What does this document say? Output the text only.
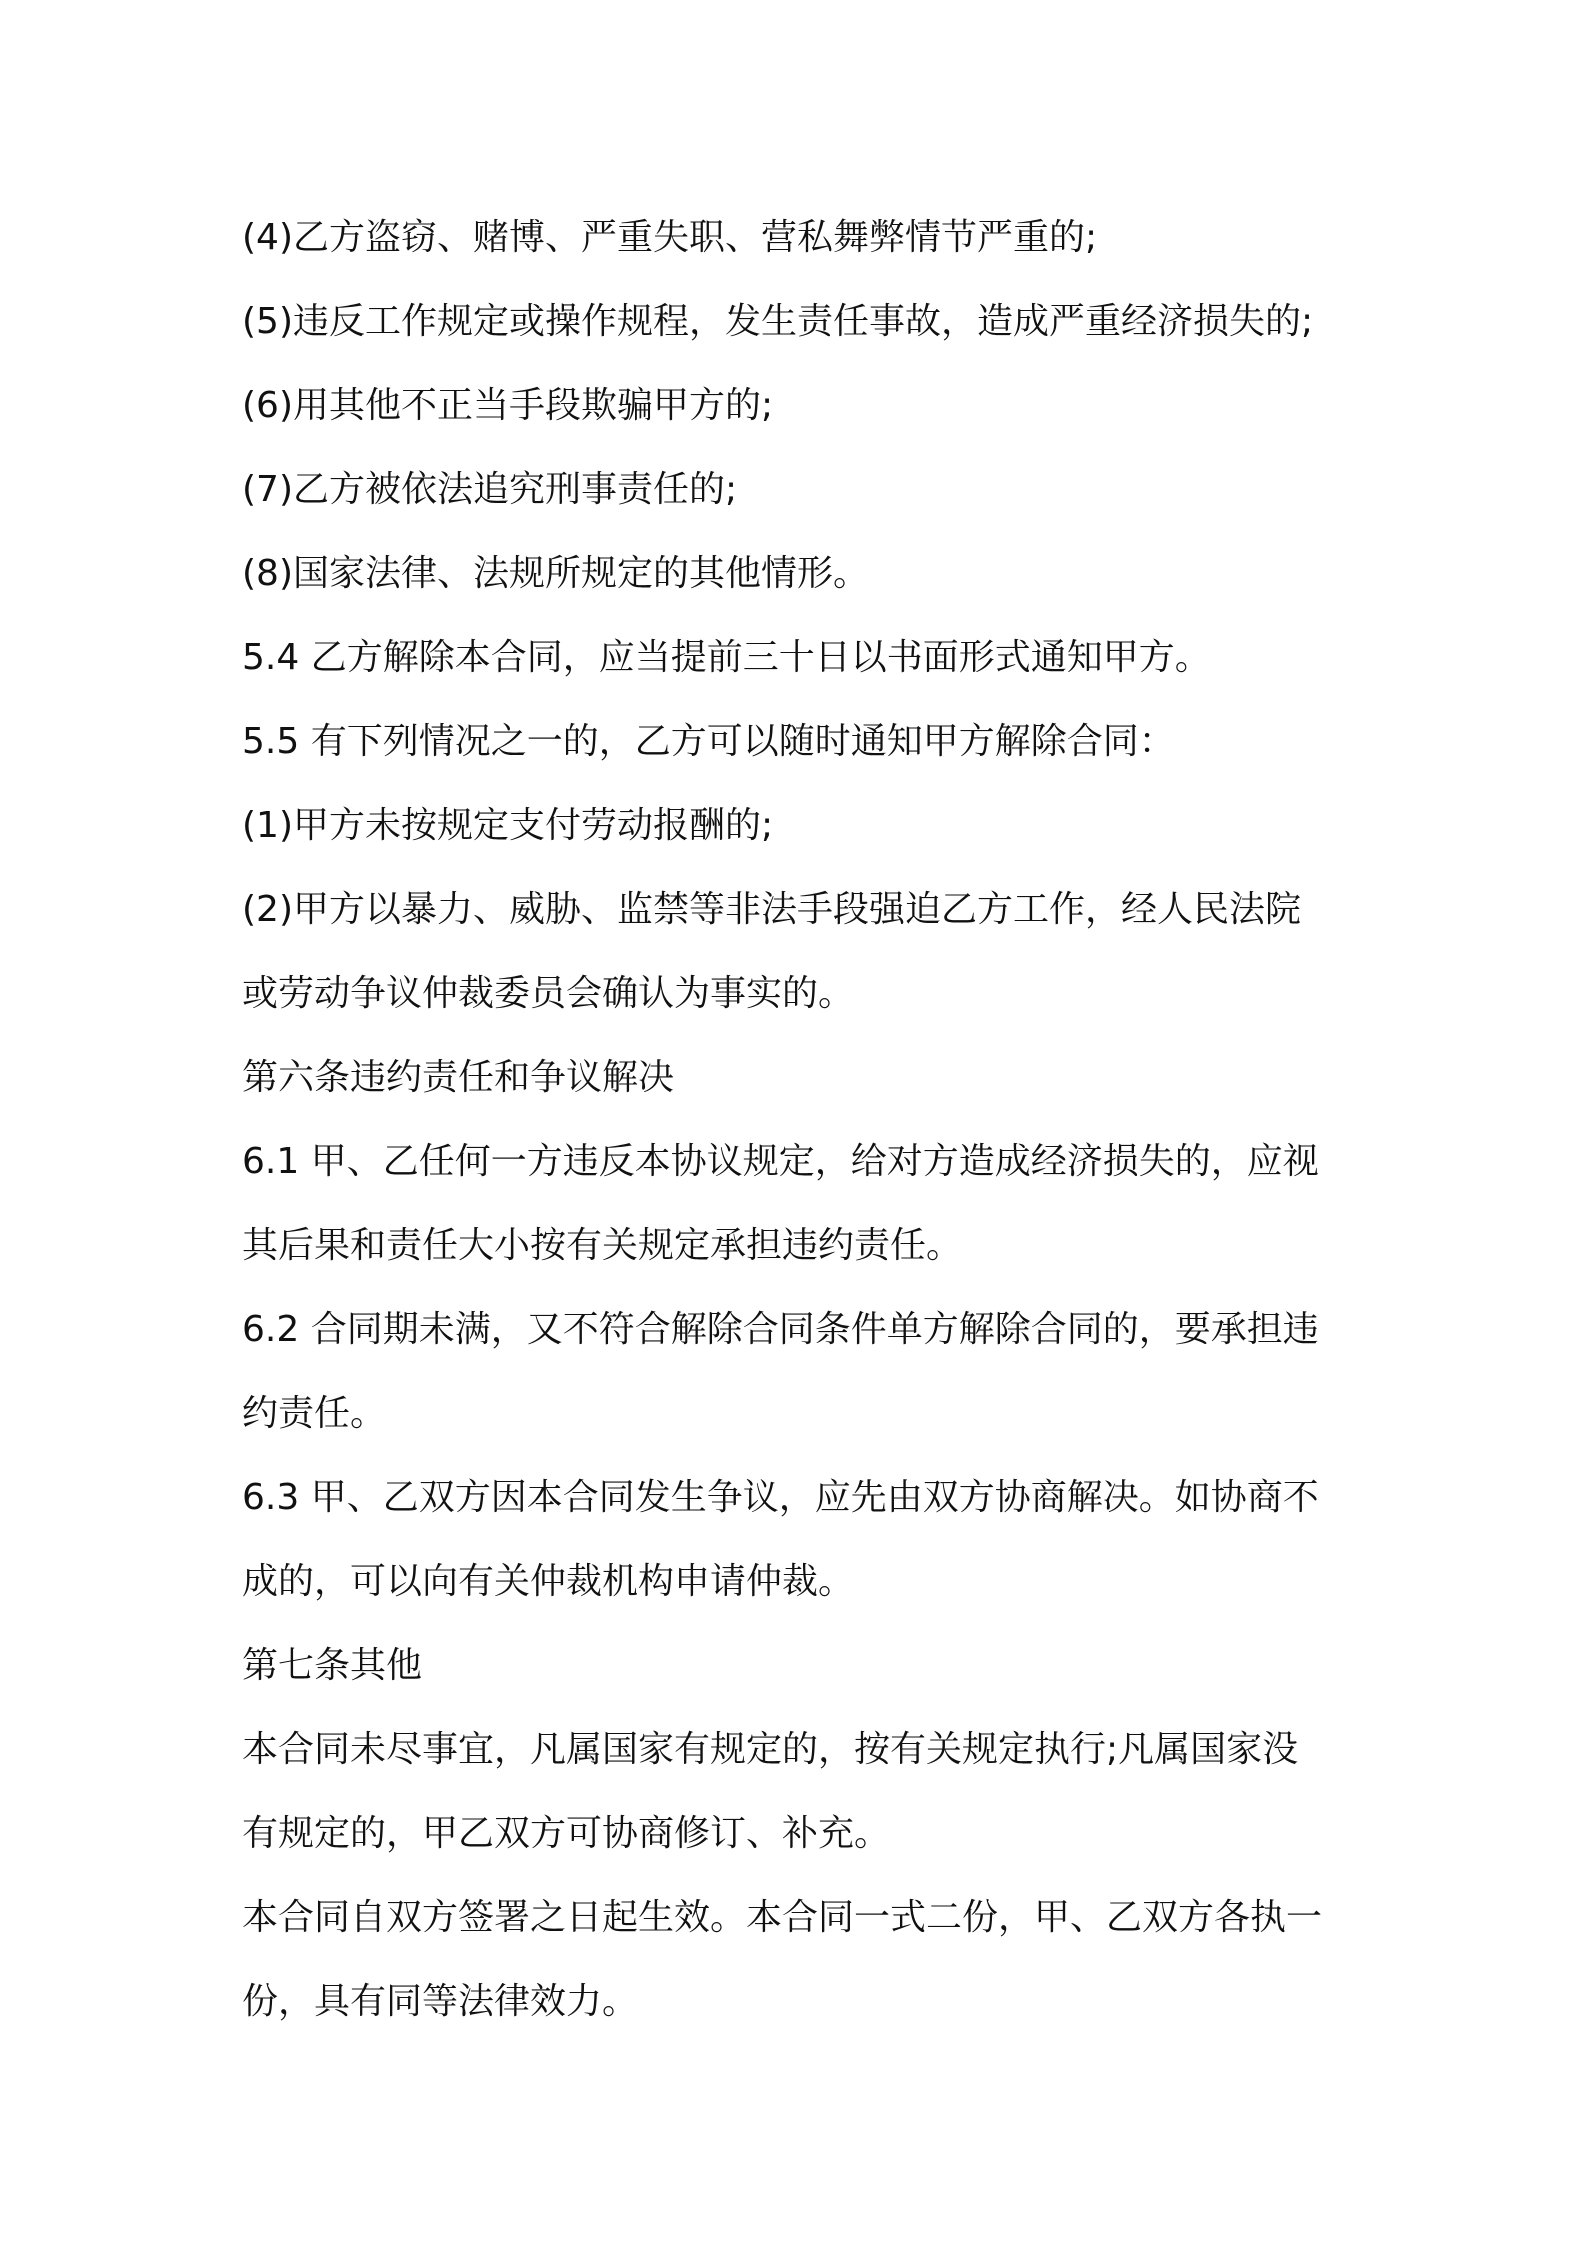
(4)乙方盗窃、赌博、严重失职、营私舞弊情节严重的;
(5)违反工作规定或操作规程，发生责任事故，造成严重经济损失的;
(6)用其他不正当手段欺骗甲方的;
(7)乙方被依法追究刑事责任的;
(8)国家法律、法规所规定的其他情形。
5.4 乙方解除本合同，应当提前三十日以书面形式通知甲方。
5.5 有下列情况之一的，乙方可以随时通知甲方解除合同：
(1)甲方未按规定支付劳动报酬的;
(2)甲方以暴力、威胁、监禁等非法手段强迫乙方工作，经人民法院
或劳动争议仲裁委员会确认为事实的。
第六条违约责任和争议解决
6.1 甲、乙任何一方违反本协议规定，给对方造成经济损失的，应视
其后果和责任大小按有关规定承担违约责任。
6.2 合同期未满，又不符合解除合同条件单方解除合同的，要承担违
约责任。
6.3 甲、乙双方因本合同发生争议，应先由双方协商解决。如协商不
成的，可以向有关仲裁机构申请仲裁。
第七条其他
本合同未尽事宜，凡属国家有规定的，按有关规定执行;凡属国家没
有规定的，甲乙双方可协商修订、补充。
本合同自双方签署之日起生效。本合同一式二份，甲、乙双方各执一
份，具有同等法律效力。
